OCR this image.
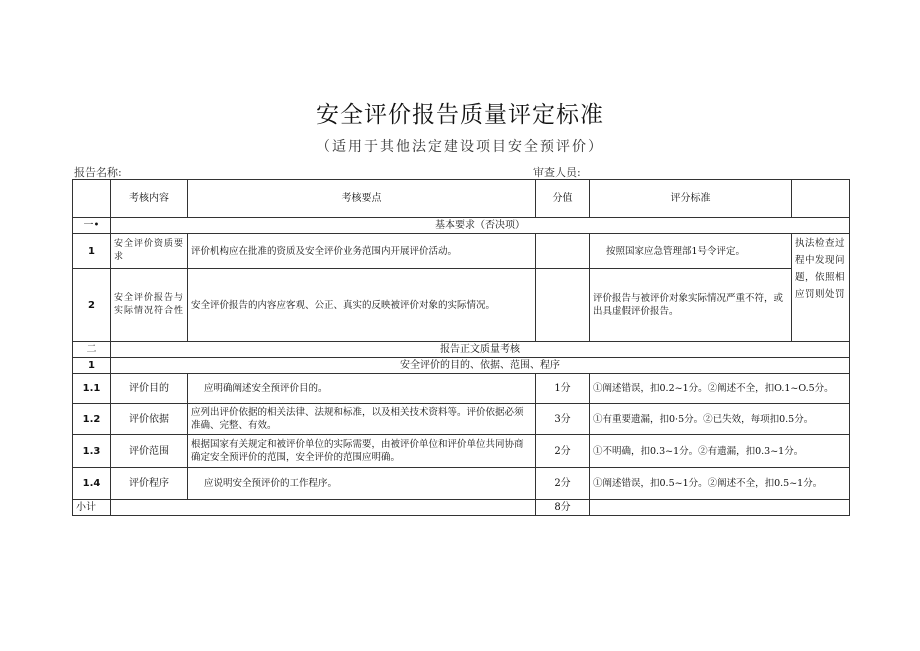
安全评价报告质量评定标准
（适用于其他法定建设项目安全预评价）
报告名称:	审查人员:
	考核内容	考核要点	分值	评分标准	
一•	基本要求（否决项）				
1	安全评价资质要求	评价机构应在批准的资质及安全评价业务范围内开展评价活动。		按照国家应急管理部1号令评定。	执法检查过程中发现问题，依照相应罚则处罚
2	安全评价报告与实际情况符合性	安全评价报告的内容应客观、公正、真实的反映被评价对象的实际情况。		评价报告与被评价对象实际情况严重不符，或出具虚假评价报告。	
二	报告正文质量考核				
1	安全评价的目的、依据、范围、程序				
1.1	评价目的	应明确阐述安全预评价目的。	1分	①阐述错误，扣0.2~1分。②阐述不全，扣O.1~O.5分。	
1.2	评价依据	应列出评价依据的相关法律、法规和标准，以及相关技术资料等。评价依据必须准确、完整、有效。	3分	①有重要遗漏，扣0·5分。②已失效，每项扣0.5分。	
1.3	评价范围	根据国家有关规定和被评价单位的实际需要，由被评价单位和评价单位共同协商确定安全预评价的范围，安全评价的范围应明确。	2分	①不明确，扣0.3~1分。②有遗漏，扣0.3~1分。	
1.4	评价程序	应说明安全预评价的工作程序。	2分	①阐述错误，扣0.5~1分。②阐述不全，扣0.5~1分。	
小计			8分		
